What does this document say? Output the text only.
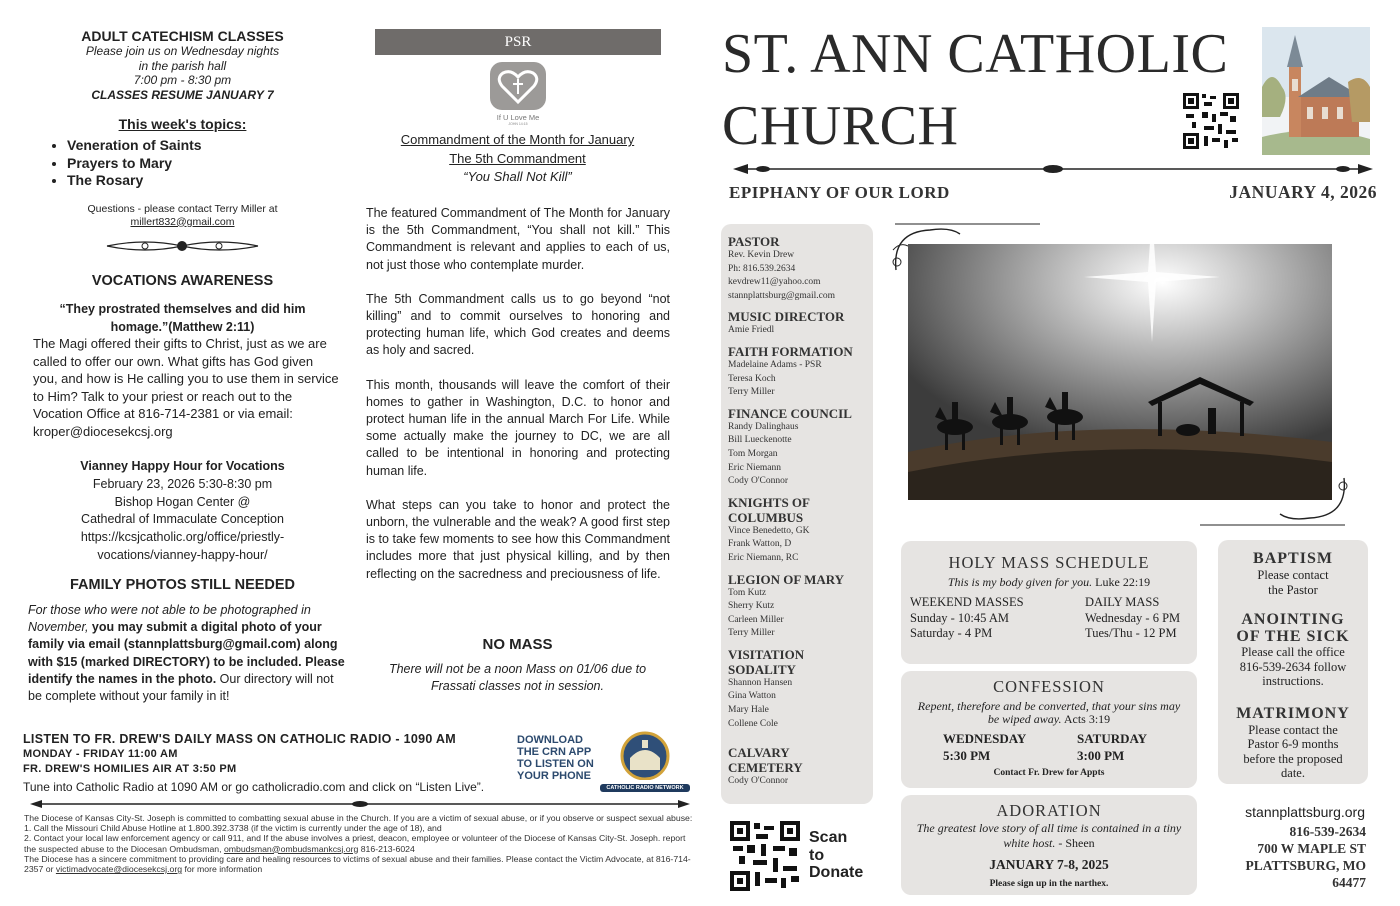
ADULT CATECHISM CLASSES
Please join us on Wednesday nights
in the parish hall
7:00 pm - 8:30 pm
CLASSES RESUME JANUARY 7
This week's topics:
• Veneration of Saints
• Prayers to Mary
• The Rosary
Questions - please contact Terry Miller at
millert832@gmail.com
VOCATIONS AWARENESS
“They prostrated themselves and did him homage.”(Matthew 2:11)
The Magi offered their gifts to Christ, just as we are called to offer our own. What gifts has God given you, and how is He calling you to use them in service to Him? Talk to your priest or reach out to the Vocation Office at 816-714-2381 or via email: kroper@diocesekcsj.org
Vianney Happy Hour for Vocations
February 23, 2026 5:30-8:30 pm
Bishop Hogan Center @
Cathedral of Immaculate Conception
https://kcsjcatholic.org/office/priestly-
vocations/vianney-happy-hour/
FAMILY PHOTOS STILL NEEDED
For those who were not able to be photographed in November, you may submit a digital photo of your family via email (stannplattsburg@gmail.com) along with $15 (marked DIRECTORY) to be included. Please identify the names in the photo. Our directory will not be complete without your family in it!
PSR
If U Love Me
JOHN 14:15
Commandment of the Month for January
The 5th Commandment
“You Shall Not Kill”

The featured Commandment of The Month for January is the 5th Commandment, “You shall not kill.” This Commandment is relevant and applies to each of us, not just those who contemplate murder.

The 5th Commandment calls us to go beyond “not killing” and to commit ourselves to honoring and protecting human life, which God creates and deems as holy and sacred.

This month, thousands will leave the comfort of their homes to gather in Washington, D.C. to honor and protect human life in the annual March For Life. While some actually make the journey to DC, we are all called to be intentional in honoring and protecting human life.

What steps can you take to honor and protect the unborn, the vulnerable and the weak? A good first step is to take few moments to see how this Commandment includes more that just physical killing, and by then reflecting on the sacredness and preciousness of life.

NO MASS
There will not be a noon Mass on 01/06 due to
Frassati classes not in session.
LISTEN TO FR. DREW'S DAILY MASS ON CATHOLIC RADIO - 1090 AM
MONDAY - FRIDAY 11:00 AM
FR. DREW'S HOMILIES AIR AT 3:50 PM
Tune into Catholic Radio at 1090 AM or go catholicradio.com and click on “Listen Live”.
DOWNLOAD
THE CRN APP
TO LISTEN ON
YOUR PHONE
CATHOLIC RADIO NETWORK
The Diocese of Kansas City-St. Joseph is committed to combatting sexual abuse in the Church. If you are a victim of sexual abuse, or if you observe or suspect sexual abuse:
1. Call the Missouri Child Abuse Hotline at 1.800.392.3738 (if the victim is currently under the age of 18), and
2. Contact your local law enforcement agency or call 911, and If the abuse involves a priest, deacon, employee or volunteer of the Diocese of Kansas City-St. Joseph. report the suspected abuse to the Diocesan Ombudsman, ombudsman@ombudsmankcsj.org 816-213-6024
The Diocese has a sincere commitment to providing care and healing resources to victims of sexual abuse and their families. Please contact the Victim Advocate, at 816-714-2357 or victimadvocate@diocesekcsj.org for more information
ST. ANN CATHOLIC
CHURCH
EPIPHANY OF OUR LORD	JANUARY 4, 2026
PASTOR
Rev. Kevin Drew
Ph: 816.539.2634
kevdrew11@yahoo.com
stannplattsburg@gmail.com
MUSIC DIRECTOR
Amie Friedl
FAITH FORMATION
Madelaine Adams - PSR
Teresa Koch
Terry Miller
FINANCE COUNCIL
Randy Dalinghaus
Bill Lueckenotte
Tom Morgan
Eric Niemann
Cody O'Connor
KNIGHTS OF COLUMBUS
Vince Benedetto, GK
Frank Watton, D
Eric Niemann, RC
LEGION OF MARY
Tom Kutz
Sherry Kutz
Carleen Miller
Terry Miller
VISITATION SODALITY
Shannon Hansen
Gina Watton
Mary Hale
Collene Cole
CALVARY CEMETERY
Cody O'Connor
HOLY MASS SCHEDULE
This is my body given for you. Luke 22:19
WEEKEND MASSES
Sunday - 10:45 AM
Saturday - 4 PM
DAILY MASS
Wednesday - 6 PM
Tues/Thu - 12 PM
CONFESSION
Repent, therefore and be converted, that your sins may be wiped away. Acts 3:19
WEDNESDAY
5:30 PM
SATURDAY
3:00 PM
Contact Fr. Drew for Appts
ADORATION
The greatest love story of all time is contained in a tiny white host. - Sheen
JANUARY 7-8, 2025
Please sign up in the narthex.
BAPTISM
Please contact the Pastor
ANOINTING
OF THE SICK
Please call the office 816-539-2634 follow instructions.
MATRIMONY
Please contact the Pastor 6-9 months before the proposed date.
Scan
to
Donate
stannplattsburg.org
816-539-2634
700 W MAPLE ST
PLATTSBURG, MO
64477
